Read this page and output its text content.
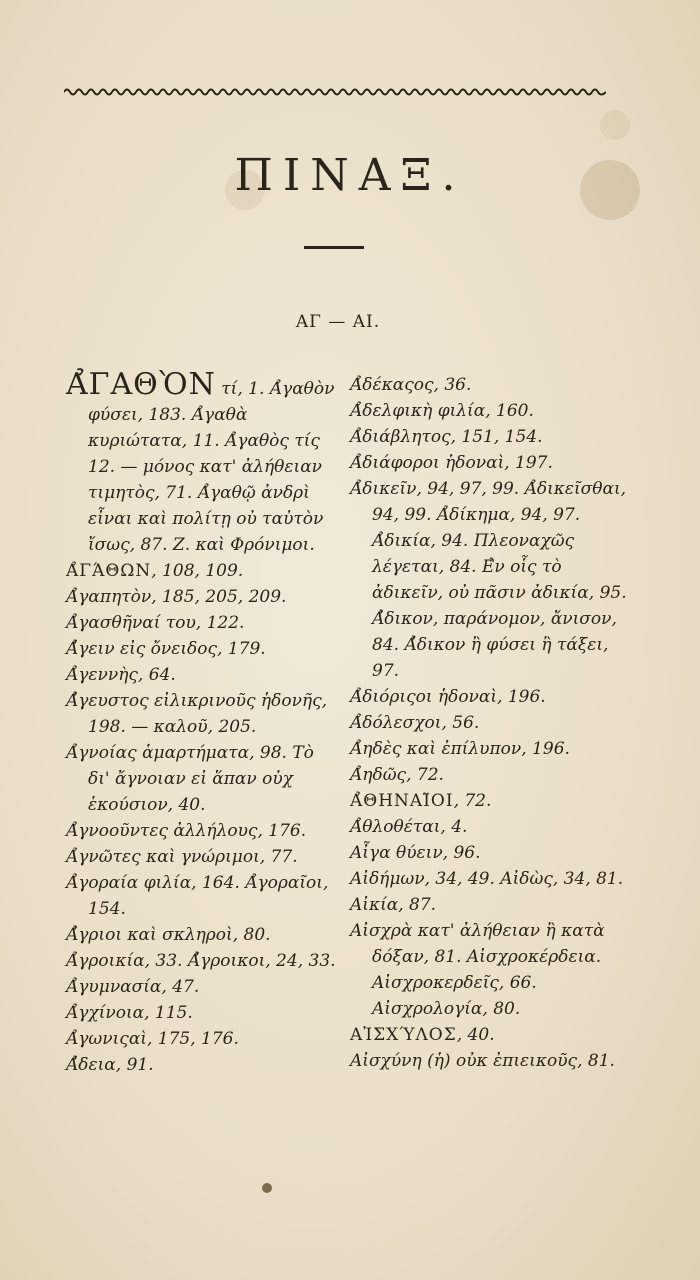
ΠΙΝΑΞ.
ΑΓ — ΑΙ.
Α̉ΓΑΘῸΝ τί, 1. Α̉γαθὸν φύσει, 183. Α̉γαθὰ κυριώτατα, 11. Α̉γαθὸς τίς 12. — μόνος κατ' ἀλήθειαν τιμητὸς, 71. Α̉γαθῷ ἀνδρὶ εἶναι καὶ πολίτῃ οὐ ταὐτὸν ἴσως, 87. Ζ. καὶ Φρόνιμοι.
Α̉ΓΆΘΩΝ, 108, 109.
Α̉γαπητὸν, 185, 205, 209.
Α̉γασθῆναί του, 122.
Α̉̓γειν εἰς ὄνειδος, 179.
Α̉γεννὴς, 64.
Α̉̓γευστος εἰλικρινοῦς ἡδονῆς, 198. — καλοῦ, 205.
Α̉γνοίας ἁμαρτήματα, 98. Τὸ δι' ἄγνοιαν εἰ ἅπαν οὐχ ἑκούσιον, 40.
Α̉γνοοῦντες ἀλλήλους, 176.
Α̉γνῶτες καὶ γνώριμοι, 77.
Α̉γοραία φιλία, 164. Α̉γοραῖοι, 154.
Α̉̓γριοι καὶ σκληροὶ, 80.
Α̉γροικία, 33. Α̉̓γροικοι, 24, 33.
Α̉γυμνασία, 47.
Α̉γχίνοια, 115.
Α̉γωνιςαὶ, 175, 176.
Α̉̓δεια, 91.
Α̉δέκαςος, 36.
Α̉δελφικὴ φιλία, 160.
Α̉διάβλητος, 151, 154.
Α̉διάφοροι ἡδοναὶ, 197.
Α̉δικεῖν, 94, 97, 99. Α̉δικεῖσθαι, 94, 99. Α̉δίκημα, 94, 97. Α̉δικία, 94. Πλεοναχῶς λέγεται, 84. Ε̉ν οἷς τὸ ἀδικεῖν, οὐ πᾶσιν ἀδικία, 95. Α̉̓δικον, παράνομον, ἄνισον, 84. Α̉̓δικον ἢ φύσει ἢ τάξει, 97.
Α̉διόριςοι ἡδοναὶ, 196.
Α̉δόλεσχοι, 56.
Α̉ηδὲς καὶ ἐπίλυπον, 196.
Α̉ηδῶς, 72.
Α̉ΘΗΝΑΙ̃ΟΙ, 72.
Α̉θλοθέται, 4.
Αἶγα θύειν, 96.
Αἰδήμων, 34, 49. Αἰδὼς, 34, 81.
Αἰκία, 87.
Αἰσχρὰ κατ' ἀλήθειαν ἢ κατὰ δόξαν, 81. Αἰσχροκέρδεια. Αἰσχροκερδεῖς, 66. Αἰσχρολογία, 80.
ΑἸΣΧΎΛΟΣ, 40.
Αἰσχύνη (ἡ) οὐκ ἐπιεικοῦς, 81.
